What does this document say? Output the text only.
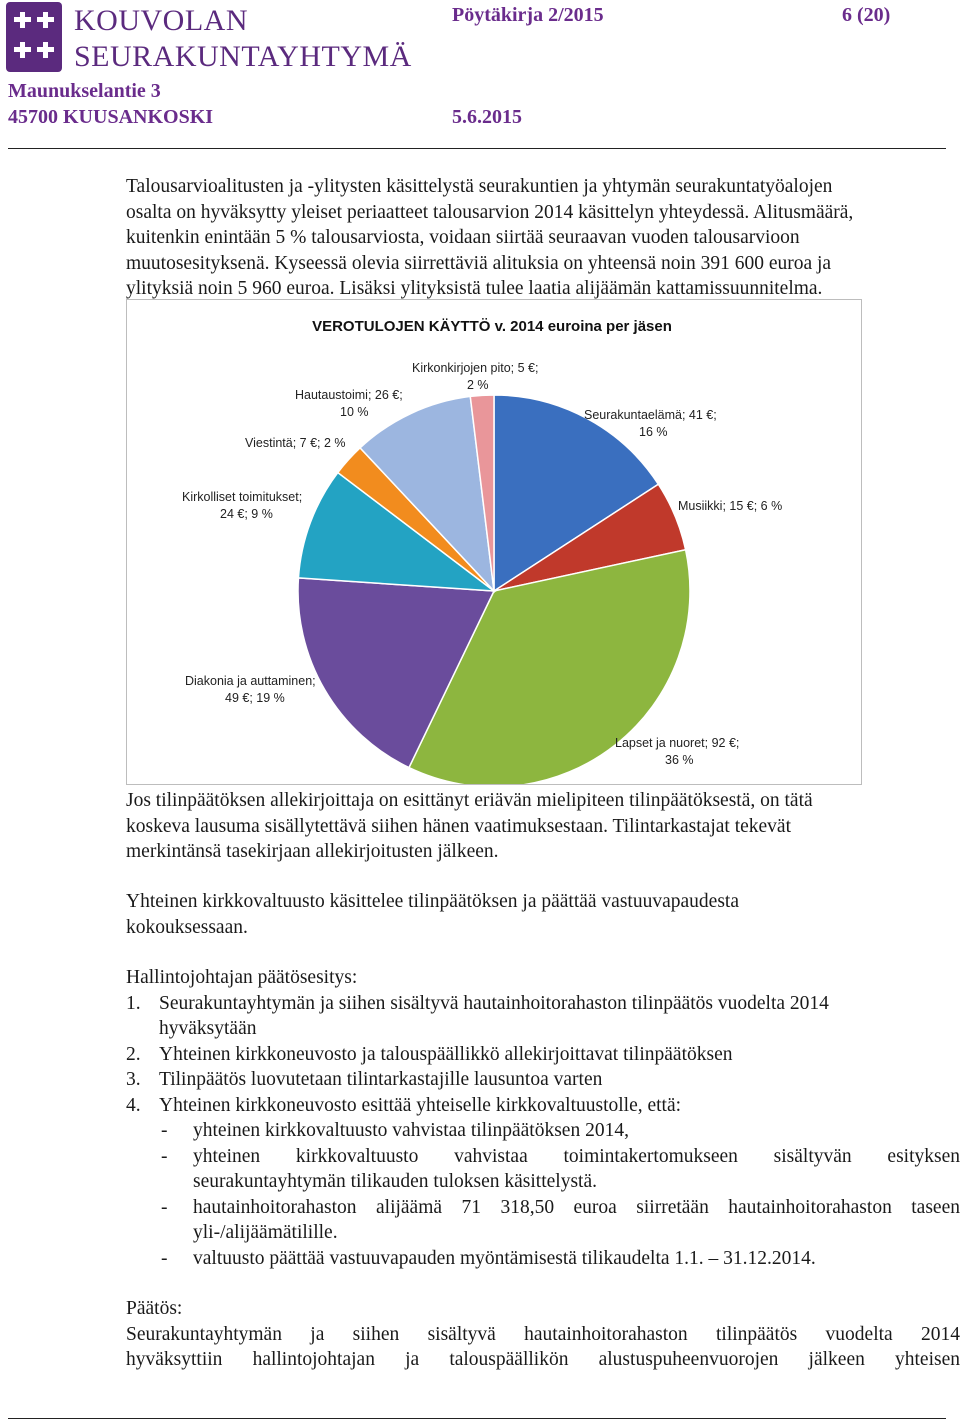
KOUVOLAN
SEURAKUNTAYHTYMÄ
Pöytäkirja 2/2015	6 (20)
Maunukselantie 3
45700 KUUSANKOSKI	5.6.2015

Talousarvioalitusten ja -ylitysten käsittelystä seurakuntien ja yhtymän seurakuntatyöalojen

osalta on hyväksytty yleiset periaatteet talousarvion 2014 käsittelyn yhteydessä. Alitusmäärä,

kuitenkin enintään 5 % talousarviosta, voidaan siirtää seuraavan vuoden talousarvioon

muutosesityksenä. Kyseessä olevia siirrettäviä alituksia on yhteensä noin 391 600 euroa ja

ylityksiä noin 5 960 euroa. Lisäksi ylityksistä tulee laatia alijäämän kattamissuunnitelma.

VEROTULOJEN KÄYTTÖ v. 2014 euroina per jäsen
Seurakuntaelämä; 41 €;
16 %
Musiikki; 15 €; 6 %
Lapset ja nuoret; 92 €;
36 %
Diakonia ja auttaminen;
49 €; 19 %
Kirkolliset toimitukset;
24 €; 9 %
Viestintä; 7 €; 2 %
Hautaustoimi; 26 €;
10 %
Kirkonkirjojen pito; 5 €;
2 %

Jos tilinpäätöksen allekirjoittaja on esittänyt eriävän mielipiteen tilinpäätöksestä, on tätä

koskeva lausuma sisällytettävä siihen hänen vaatimuksestaan. Tilintarkastajat tekevät

merkintänsä tasekirjaan allekirjoitusten jälkeen.

Yhteinen kirkkovaltuusto käsittelee tilinpäätöksen ja päättää vastuuvapaudesta

kokouksessaan.

Hallintojohtajan päätösesitys:
1. Seurakuntayhtymän ja siihen sisältyvä hautainhoitorahaston tilinpäätös vuodelta 2014
hyväksytään
2. Yhteinen kirkkoneuvosto ja talouspäällikkö allekirjoittavat tilinpäätöksen
3. Tilinpäätös luovutetaan tilintarkastajille lausuntoa varten
4. Yhteinen kirkkoneuvosto esittää yhteiselle kirkkovaltuustolle, että:
- yhteinen kirkkovaltuusto vahvistaa tilinpäätöksen 2014,
- yhteinen kirkkovaltuusto vahvistaa toimintakertomukseen sisältyvän esityksen
seurakuntayhtymän tilikauden tuloksen käsittelystä.
- hautainhoitorahaston alijäämä 71 318,50 euroa siirretään hautainhoitorahaston taseen
yli-/alijäämätilille.
- valtuusto päättää vastuuvapauden myöntämisestä tilikaudelta 1.1. – 31.12.2014.
Päätös:
Seurakuntayhtymän ja siihen sisältyvä hautainhoitorahaston tilinpäätös vuodelta 2014
hyväksyttiin hallintojohtajan ja talouspäällikön alustuspuheenvuorojen jälkeen yhteisen
